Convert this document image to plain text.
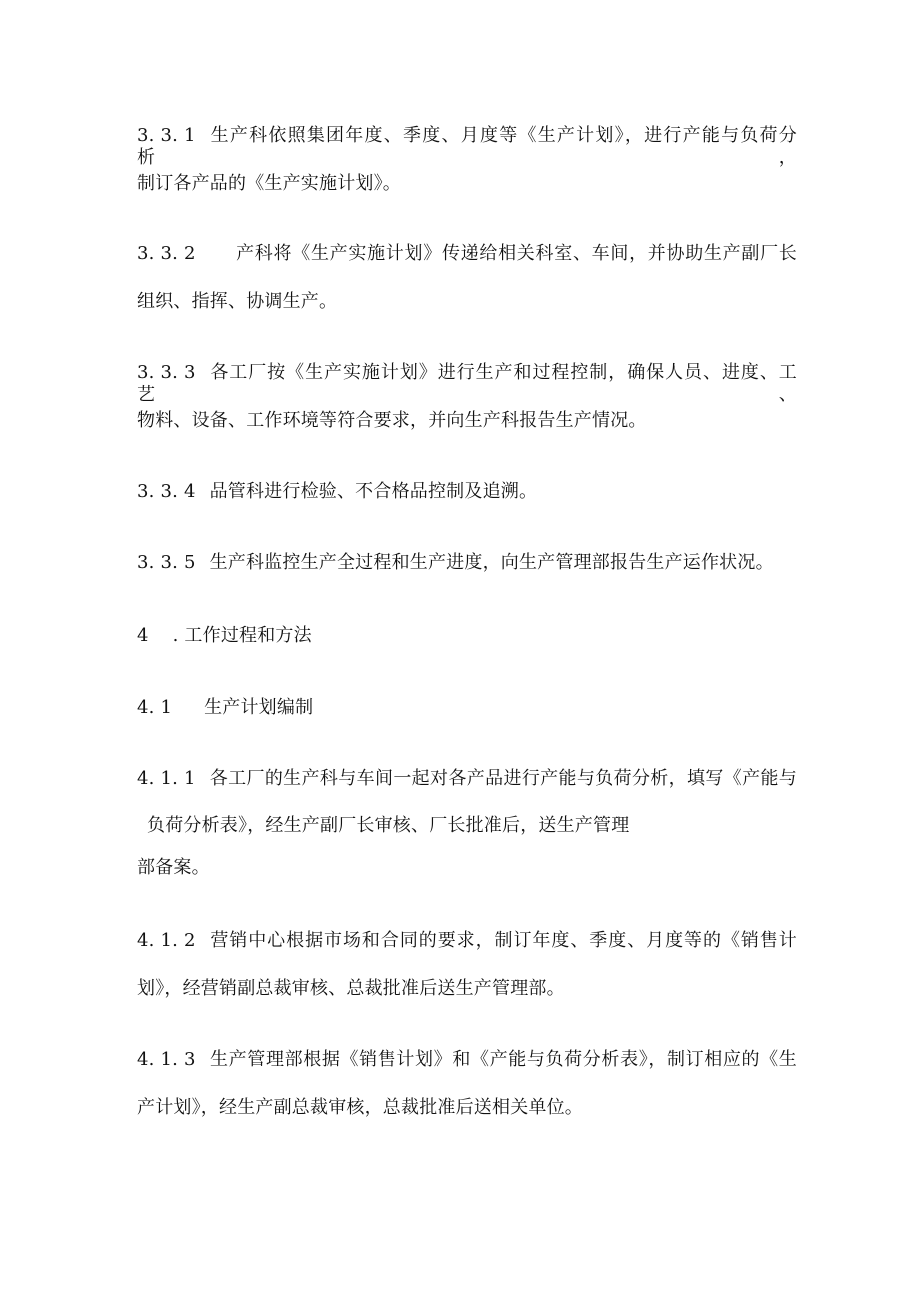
3. 3. 1 生产科依照集团年度、季度、月度等《生产计划》，进行产能与负荷分析，
制订各产品的《生产实施计划》。
3. 3. 2 产科将《生产实施计划》传递给相关科室、车间，并协助生产副厂长
组织、指挥、协调生产。
3. 3. 3 各工厂按《生产实施计划》进行生产和过程控制，确保人员、进度、工艺、
物料、设备、工作环境等符合要求，并向生产科报告生产情况。
3. 3. 4 品管科进行检验、不合格品控制及追溯。
3. 3. 5 生产科监控生产全过程和生产进度，向生产管理部报告生产运作状况。
4 . 工作过程和方法
4. 1 生产计划编制
4. 1. 1 各工厂的生产科与车间一起对各产品进行产能与负荷分析，填写《产能与
负荷分析表》，经生产副厂长审核、厂长批准后，送生产管理
部备案。
4. 1. 2 营销中心根据市场和合同的要求，制订年度、季度、月度等的《销售计
划》，经营销副总裁审核、总裁批准后送生产管理部。
4. 1. 3 生产管理部根据《销售计划》和《产能与负荷分析表》，制订相应的《生
产计划》，经生产副总裁审核，总裁批准后送相关单位。
